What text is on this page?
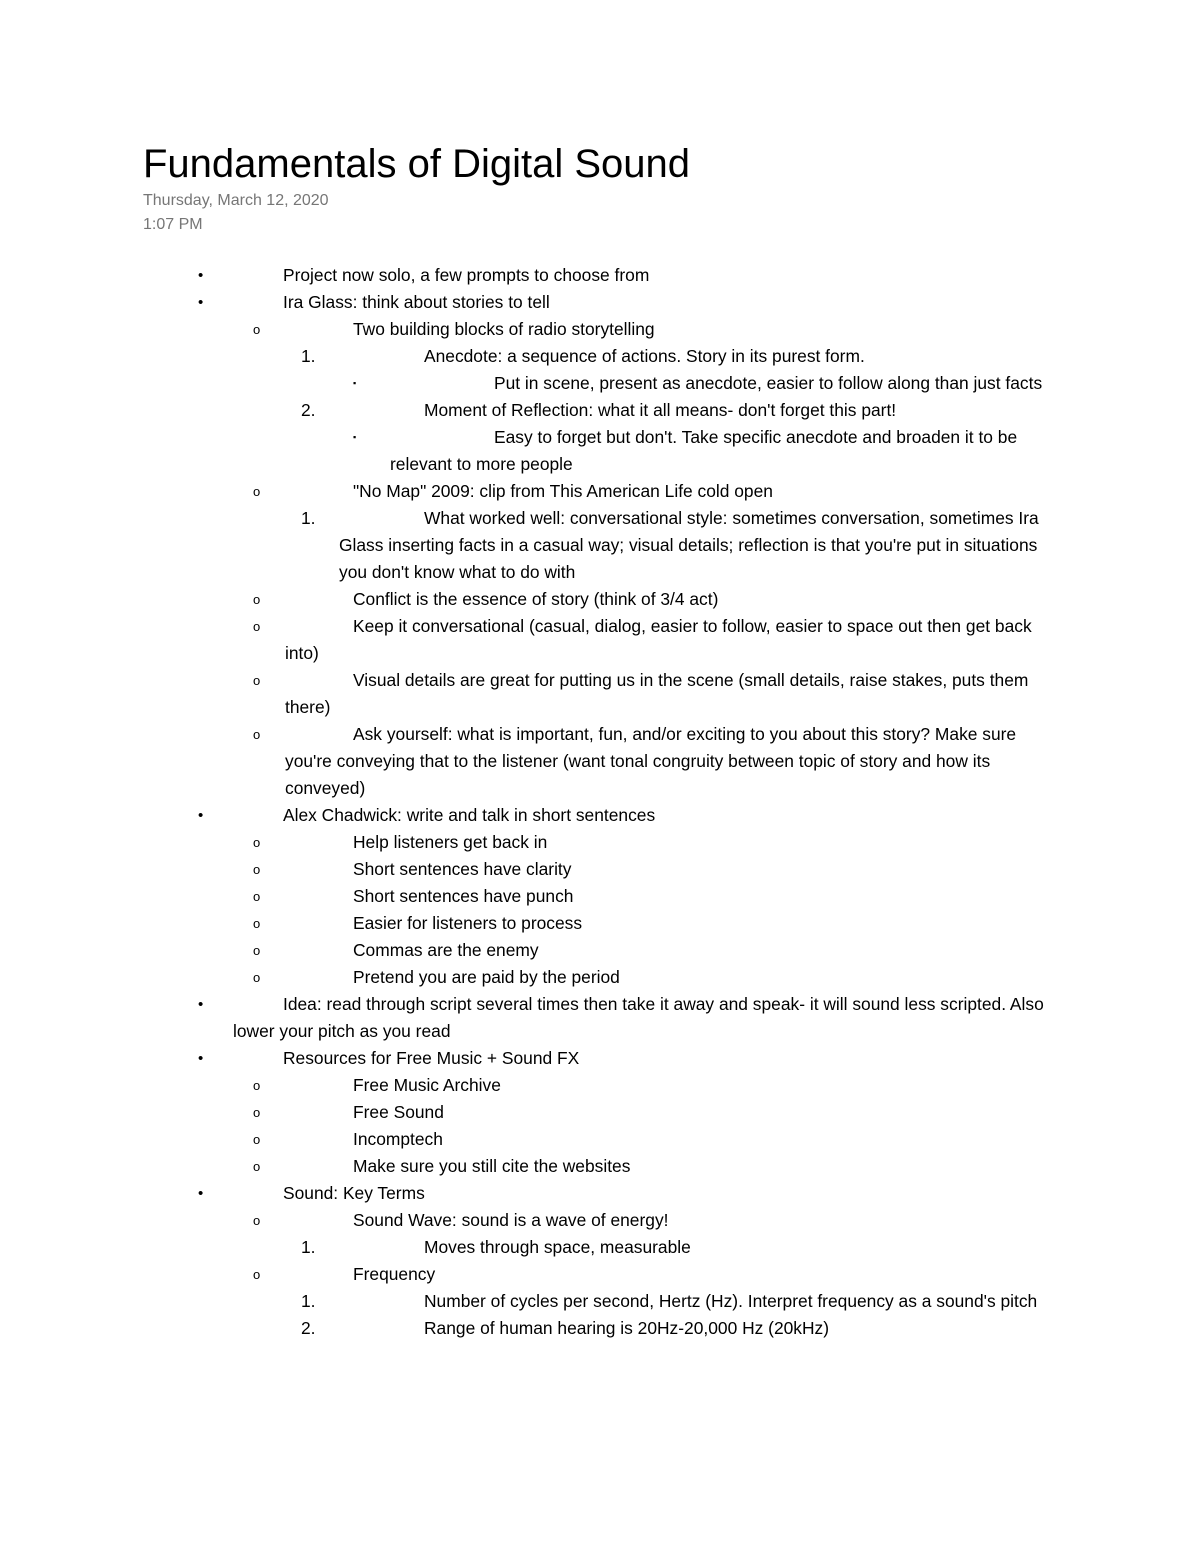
Fundamentals of Digital Sound
Thursday, March 12, 2020
1:07 PM
•	Project now solo, a few prompts to choose from
•	Ira Glass: think about stories to tell
o	Two building blocks of radio storytelling
1.	Anecdote: a sequence of actions. Story in its purest form.
▪	Put in scene, present as anecdote, easier to follow along than just facts
2.	Moment of Reflection: what it all means- don't forget this part!
▪	Easy to forget but don't. Take specific anecdote and broaden it to be relevant to more people
o	"No Map" 2009: clip from This American Life cold open
1.	What worked well: conversational style: sometimes conversation, sometimes Ira Glass inserting facts in a casual way; visual details; reflection is that you're put in situations you don't know what to do with
o	Conflict is the essence of story (think of 3/4 act)
o	Keep it conversational (casual, dialog, easier to follow, easier to space out then get back into)
o	Visual details are great for putting us in the scene (small details, raise stakes, puts them there)
o	Ask yourself: what is important, fun, and/or exciting to you about this story? Make sure you're conveying that to the listener (want tonal congruity between topic of story and how its conveyed)
•	Alex Chadwick: write and talk in short sentences
o	Help listeners get back in
o	Short sentences have clarity
o	Short sentences have punch
o	Easier for listeners to process
o	Commas are the enemy
o	Pretend you are paid by the period
•	Idea: read through script several times then take it away and speak- it will sound less scripted. Also lower your pitch as you read
•	Resources for Free Music + Sound FX
o	Free Music Archive
o	Free Sound
o	Incomptech
o	Make sure you still cite the websites
•	Sound: Key Terms
o	Sound Wave: sound is a wave of energy!
1.	Moves through space, measurable
o	Frequency
1.	Number of cycles per second, Hertz (Hz). Interpret frequency as a sound's pitch
2.	Range of human hearing is 20Hz-20,000 Hz (20kHz)
